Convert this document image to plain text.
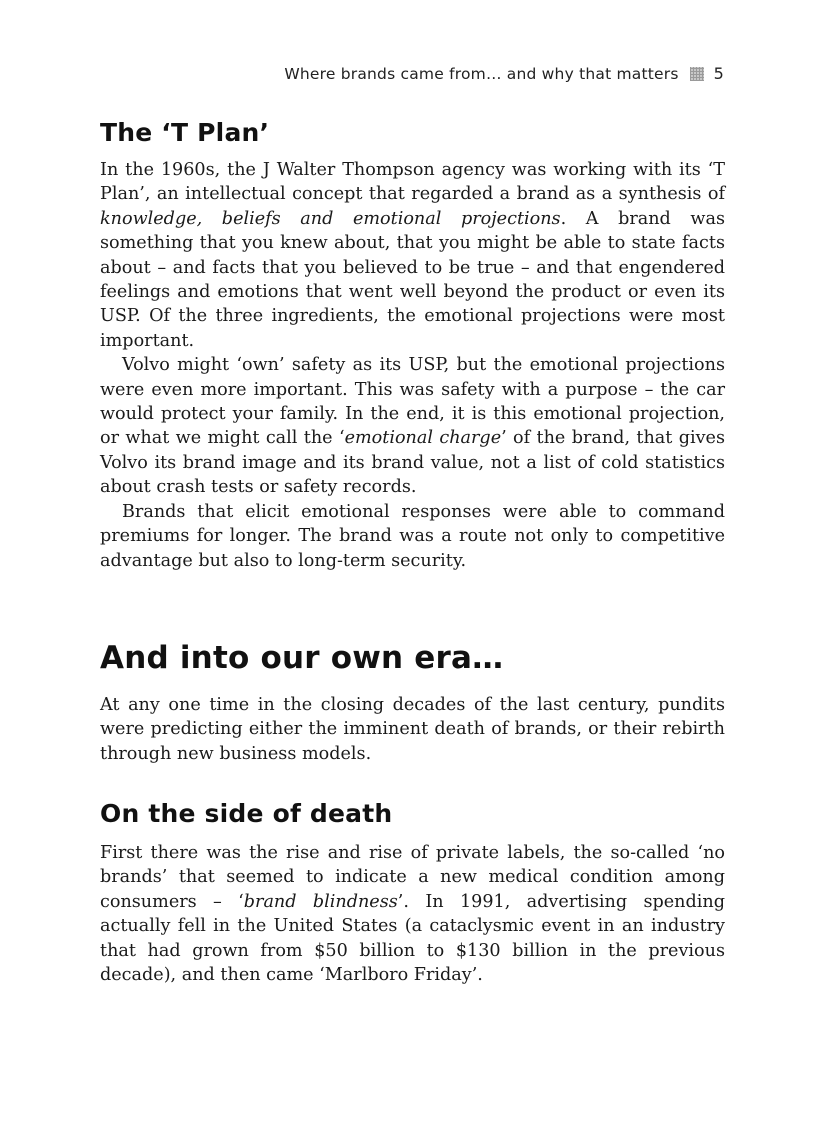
Where brands came from… and why that matters 5
The ‘T Plan’

In the 1960s, the J Walter Thompson agency was working with its ‘T Plan’, an intellectual concept that regarded a brand as a synthesis of knowledge, beliefs and emotional projections. A brand was something that you knew about, that you might be able to state facts about – and facts that you believed to be true – and that engendered feelings and emotions that went well beyond the product or even its USP. Of the three ingredients, the emotional projections were most important.

Volvo might ‘own’ safety as its USP, but the emotional projections were even more important. This was safety with a purpose – the car would protect your family. In the end, it is this emotional projection, or what we might call the ‘emotional charge’ of the brand, that gives Volvo its brand image and its brand value, not a list of cold statistics about crash tests or safety records.

Brands that elicit emotional responses were able to command premiums for longer. The brand was a route not only to competitive advantage but also to long-term security.

And into our own era…

At any one time in the closing decades of the last century, pundits were predicting either the imminent death of brands, or their rebirth through new business models.

On the side of death

First there was the rise and rise of private labels, the so-called ‘no brands’ that seemed to indicate a new medical condition among consumers – ‘brand blindness’. In 1991, advertising spending actually fell in the United States (a cataclysmic event in an industry that had grown from $50 billion to $130 billion in the previous decade), and then came ‘Marlboro Friday’.
